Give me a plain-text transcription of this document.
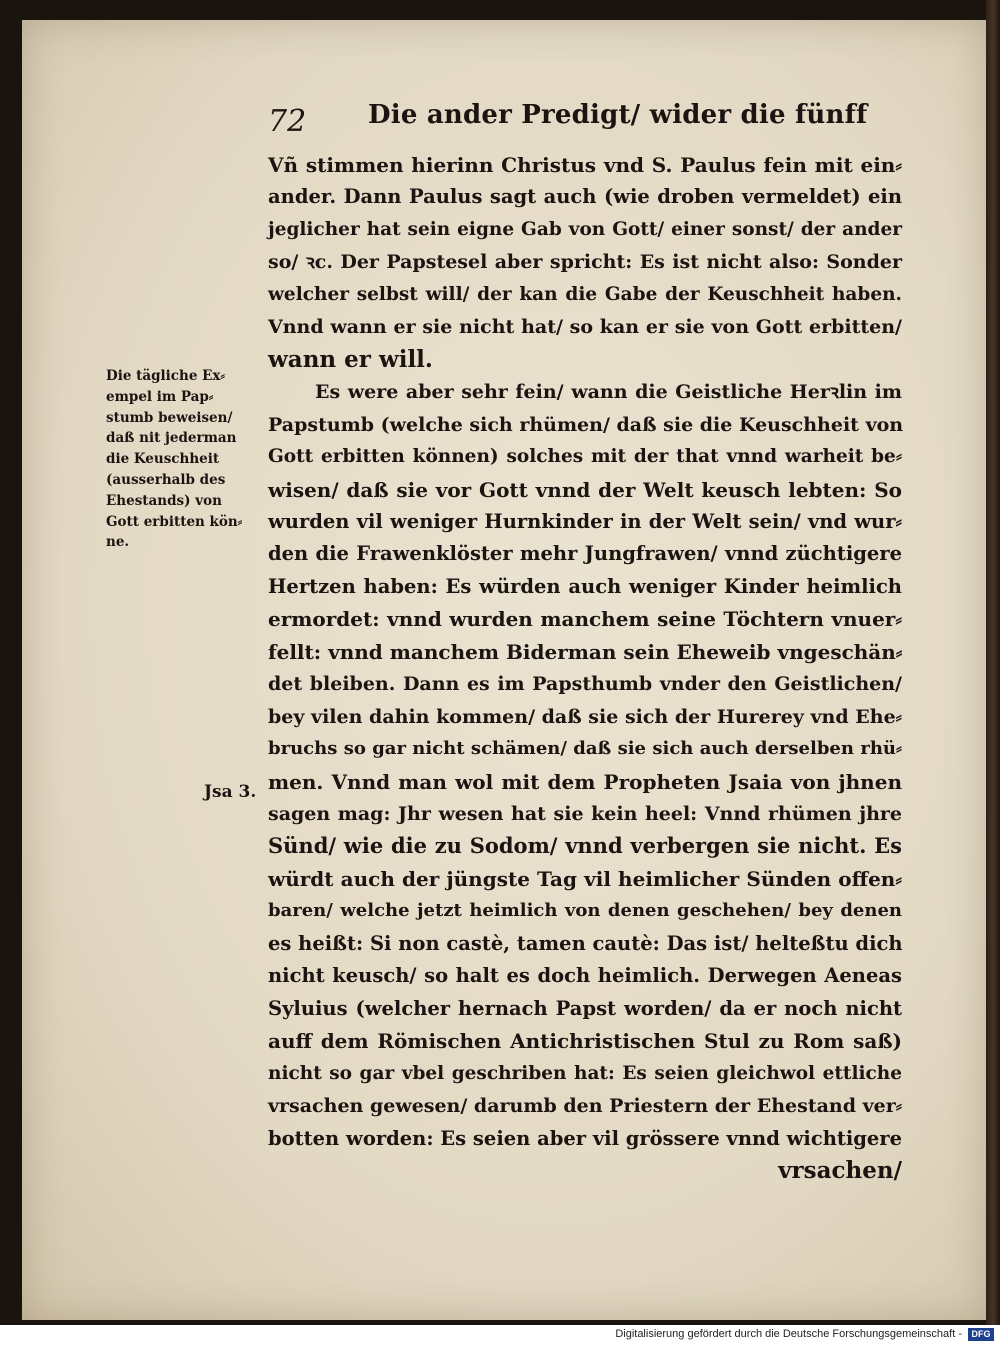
72 Die ander Predigt/ wider die fünff
Vñ stimmen hierinn Christus vnd S. Paulus fein mit ein⸗
ander. Dann Paulus sagt auch (wie droben vermeldet) ein
jeglicher hat sein eigne Gab von Gott/ einer sonst/ der ander
so/ ꝛc. Der Papstesel aber spricht: Es ist nicht also: Sonder
welcher selbst will/ der kan die Gabe der Keuschheit haben.
Vnnd wann er sie nicht hat/ so kan er sie von Gott erbitten/
wann er will.
Es were aber sehr fein/ wann die Geistliche Herꝛlin im
Papstumb (welche sich rhümen/ daß sie die Keuschheit von
Gott erbitten können) solches mit der that vnnd warheit be⸗
wisen/ daß sie vor Gott vnnd der Welt keusch lebten: So
wurden vil weniger Hurnkinder in der Welt sein/ vnd wur⸗
den die Frawenklöster mehr Jungfrawen/ vnnd züchtigere
Hertzen haben: Es würden auch weniger Kinder heimlich
ermordet: vnnd wurden manchem seine Töchtern vnuer⸗
fellt: vnnd manchem Biderman sein Eheweib vngeschän⸗
det bleiben. Dann es im Papsthumb vnder den Geistlichen/
bey vilen dahin kommen/ daß sie sich der Hurerey vnd Ehe⸗
bruchs so gar nicht schämen/ daß sie sich auch derselben rhü⸗
men. Vnnd man wol mit dem Propheten Jsaia von jhnen
sagen mag: Jhr wesen hat sie kein heel: Vnnd rhümen jhre
Sünd/ wie die zu Sodom/ vnnd verbergen sie nicht. Es
würdt auch der jüngste Tag vil heimlicher Sünden offen⸗
baren/ welche jetzt heimlich von denen geschehen/ bey denen
es heißt: Si non castè, tamen cautè: Das ist/ helteßtu dich
nicht keusch/ so halt es doch heimlich. Derwegen Aeneas
Syluius (welcher hernach Papst worden/ da er noch nicht
auff dem Römischen Antichristischen Stul zu Rom saß)
nicht so gar vbel geschriben hat: Es seien gleichwol ettliche
vrsachen gewesen/ darumb den Priestern der Ehestand ver⸗
botten worden: Es seien aber vil grössere vnnd wichtigere
vrsachen/
Die tägliche Ex⸗
empel im Pap⸗
stumb beweisen/
daß nit jederman
die Keuschheit
(ausserhalb des
Ehestands) von
Gott erbitten kön⸗
ne.
Jsa 3.
Digitalisierung gefördert durch die Deutsche Forschungsgemeinschaft -	DFG
